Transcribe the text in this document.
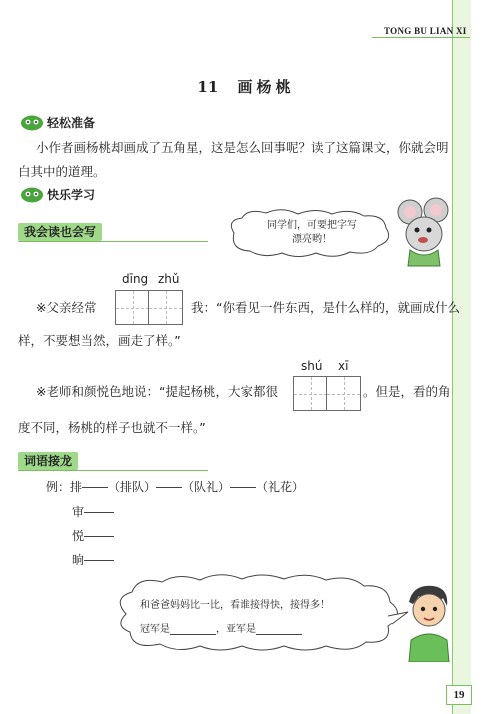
TONG BU LIAN XI
11 画 杨 桃
轻松准备
小作者画杨桃却画成了五角星，这是怎么回事呢？读了这篇课文，你就会明
白其中的道理。
快乐学习
我会读也会写	同学们，可要把字写
漂亮哟！
dīng zhǔ
※父亲经常	我：“你看见一件东西，是什么样的，就画成什么
样，不要想当然，画走了样。”
shú xī
※老师和颜悦色地说：“提起杨桃，大家都很	。但是，看的角
度不同，杨桃的样子也就不一样。”
词语接龙
例：排 （排队） （队礼） （礼花）
审
悦
晌
和爸爸妈妈比一比，看谁接得快，接得多！
冠军是	，亚军是
19
